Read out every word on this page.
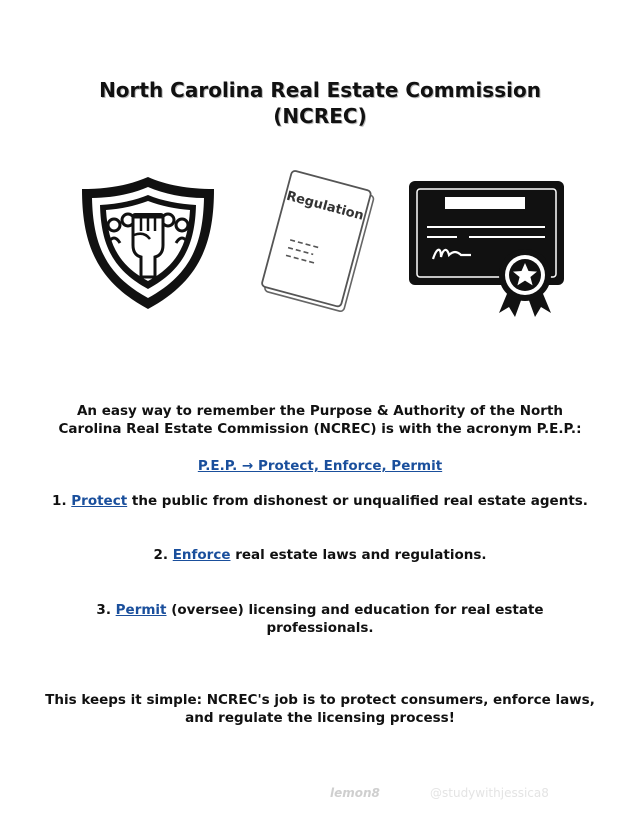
North Carolina Real Estate Commission
(NCREC)
Regulation
An easy way to remember the Purpose & Authority of the North
Carolina Real Estate Commission (NCREC) is with the acronym P.E.P.:
P.E.P. → Protect, Enforce, Permit
1. Protect the public from dishonest or unqualified real estate agents.
2. Enforce real estate laws and regulations.
3. Permit (oversee) licensing and education for real estate
professionals.
This keeps it simple: NCREC's job is to protect consumers, enforce laws,
and regulate the licensing process!
lemon8	@studywithjessica8
